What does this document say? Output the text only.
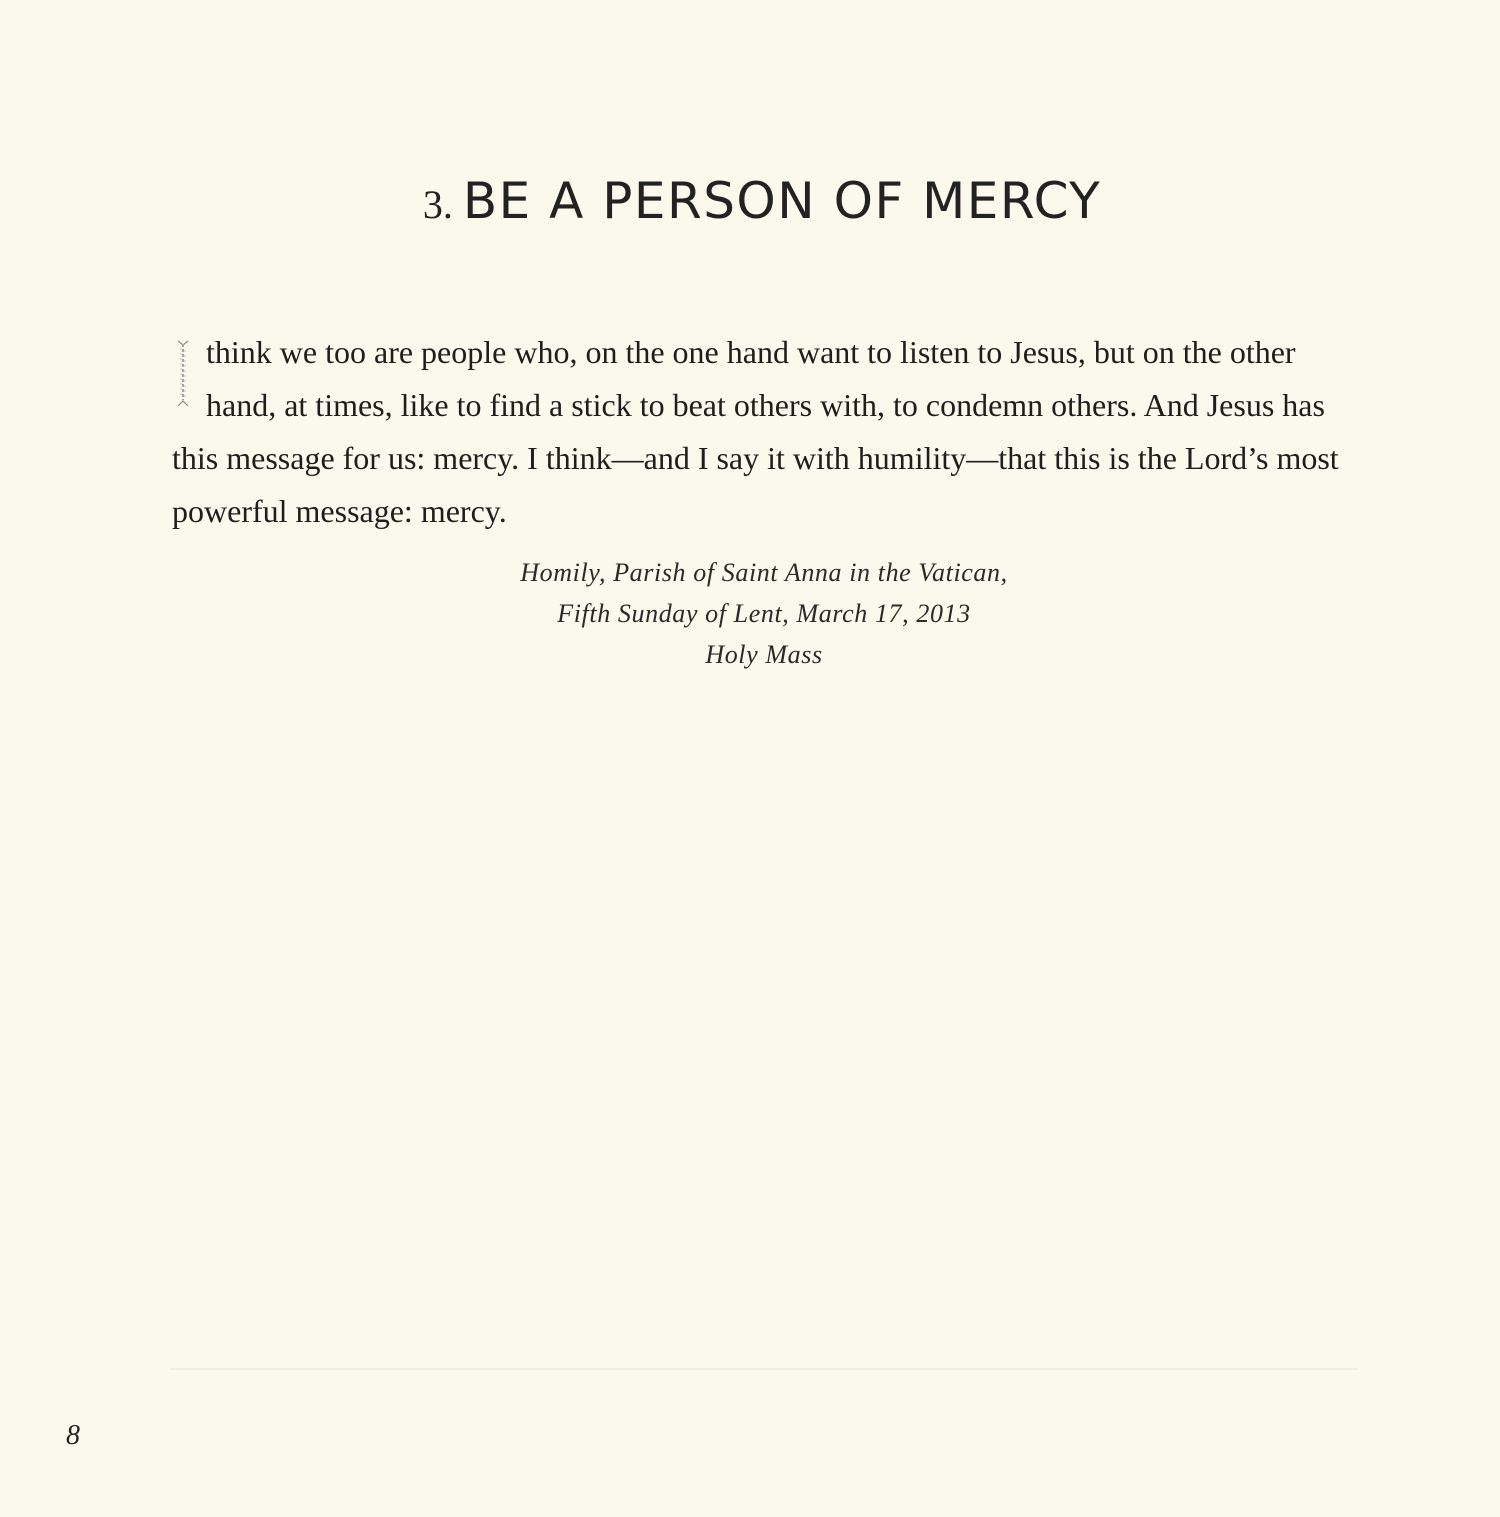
3. BE A PERSON OF MERCY

think we too are people who, on the one hand want to listen to Jesus, but on the other hand, at times, like to find a stick to beat others with, to condemn others. And Jesus has this message for us: mercy. I think—and I say it with humility—that this is the Lord’s most powerful message: mercy.

Homily, Parish of Saint Anna in the Vatican,
Fifth Sunday of Lent, March 17, 2013
Holy Mass
8
